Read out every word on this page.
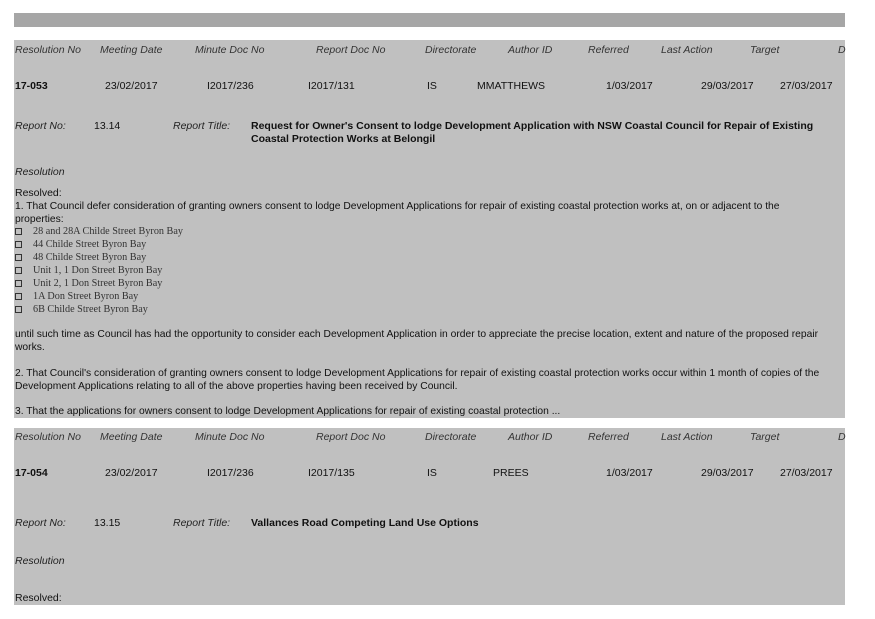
Resolution No Meeting Date	Minute Doc No	Report Doc No	Directorate	Author ID	Referred	Last Action	Target	D
17-053	23/02/2017	I2017/236	I2017/131	IS	MMATTHEWS	1/03/2017	29/03/2017	27/03/2017
Report No:	13.14	Report Title: Request for Owner's Consent to lodge Development Application with NSW Coastal Council for Repair of Existing Coastal Protection Works at Belongil
Resolution
Resolved:
1. That Council defer consideration of granting owners consent to lodge Development Applications for repair of existing coastal protection works at, on or adjacent to the properties:
28 and 28A Childe Street Byron Bay
44 Childe Street Byron Bay
48 Childe Street Byron Bay
Unit 1, 1 Don Street Byron Bay
Unit 2, 1 Don Street Byron Bay
1A Don Street Byron Bay
6B Childe Street Byron Bay
until such time as Council has had the opportunity to consider each Development Application in order to appreciate the precise location, extent and nature of the proposed repair works.
2. That Council's consideration of granting owners consent to lodge Development Applications for repair of existing coastal protection works occur within 1 month of copies of the Development Applications relating to all of the above properties having been received by Council.
3. That the applications for owners consent to lodge Development Applications for repair of existing coastal protection ...
Resolution No Meeting Date	Minute Doc No	Report Doc No	Directorate	Author ID	Referred	Last Action	Target	D
17-054	23/02/2017	I2017/236	I2017/135	IS	PREES	1/03/2017	29/03/2017	27/03/2017
Report No:	13.15	Report Title: Vallances Road Competing Land Use Options
Resolution
Resolved:
